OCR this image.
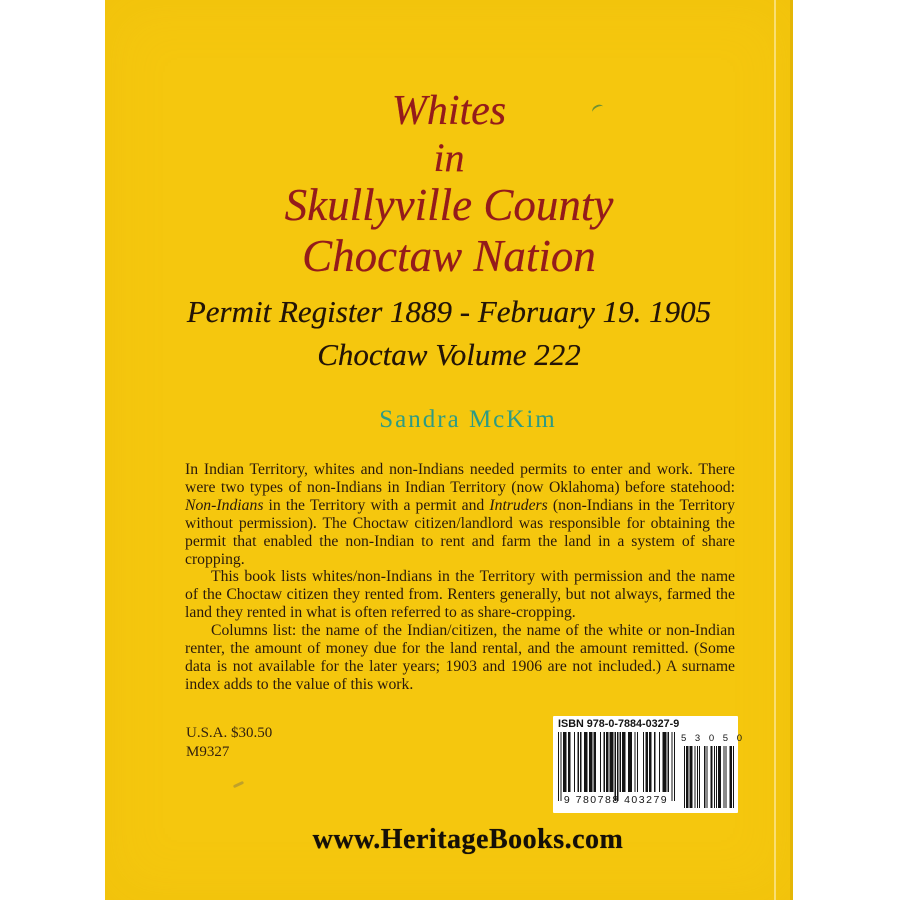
Whites
in
Skullyville County
Choctaw Nation
Permit Register 1889 - February 19. 1905
Choctaw Volume 222
Sandra McKim

In Indian Territory, whites and non-Indians needed permits to enter and work. There were two types of non-Indians in Indian Territory (now Oklahoma) before statehood: Non-Indians in the Territory with a permit and Intruders (non-Indians in the Territory without permission). The Choctaw citizen/landlord was responsible for obtaining the permit that enabled the non-Indian to rent and farm the land in a system of share cropping.

This book lists whites/non-Indians in the Territory with permission and the name of the Choctaw citizen they rented from. Renters generally, but not always, farmed the land they rented in what is often referred to as share-cropping.

Columns list: the name of the Indian/citizen, the name of the white or non-Indian renter, the amount of money due for the land rental, and the amount remitted. (Some data is not available for the later years; 1903 and 1906 are not included.) A surname index adds to the value of this work.

U.S.A. $30.50
M9327
ISBN 978-0-7884-0327-9
9 780788 403279
5 3 0 5 0
www.HeritageBooks.com
